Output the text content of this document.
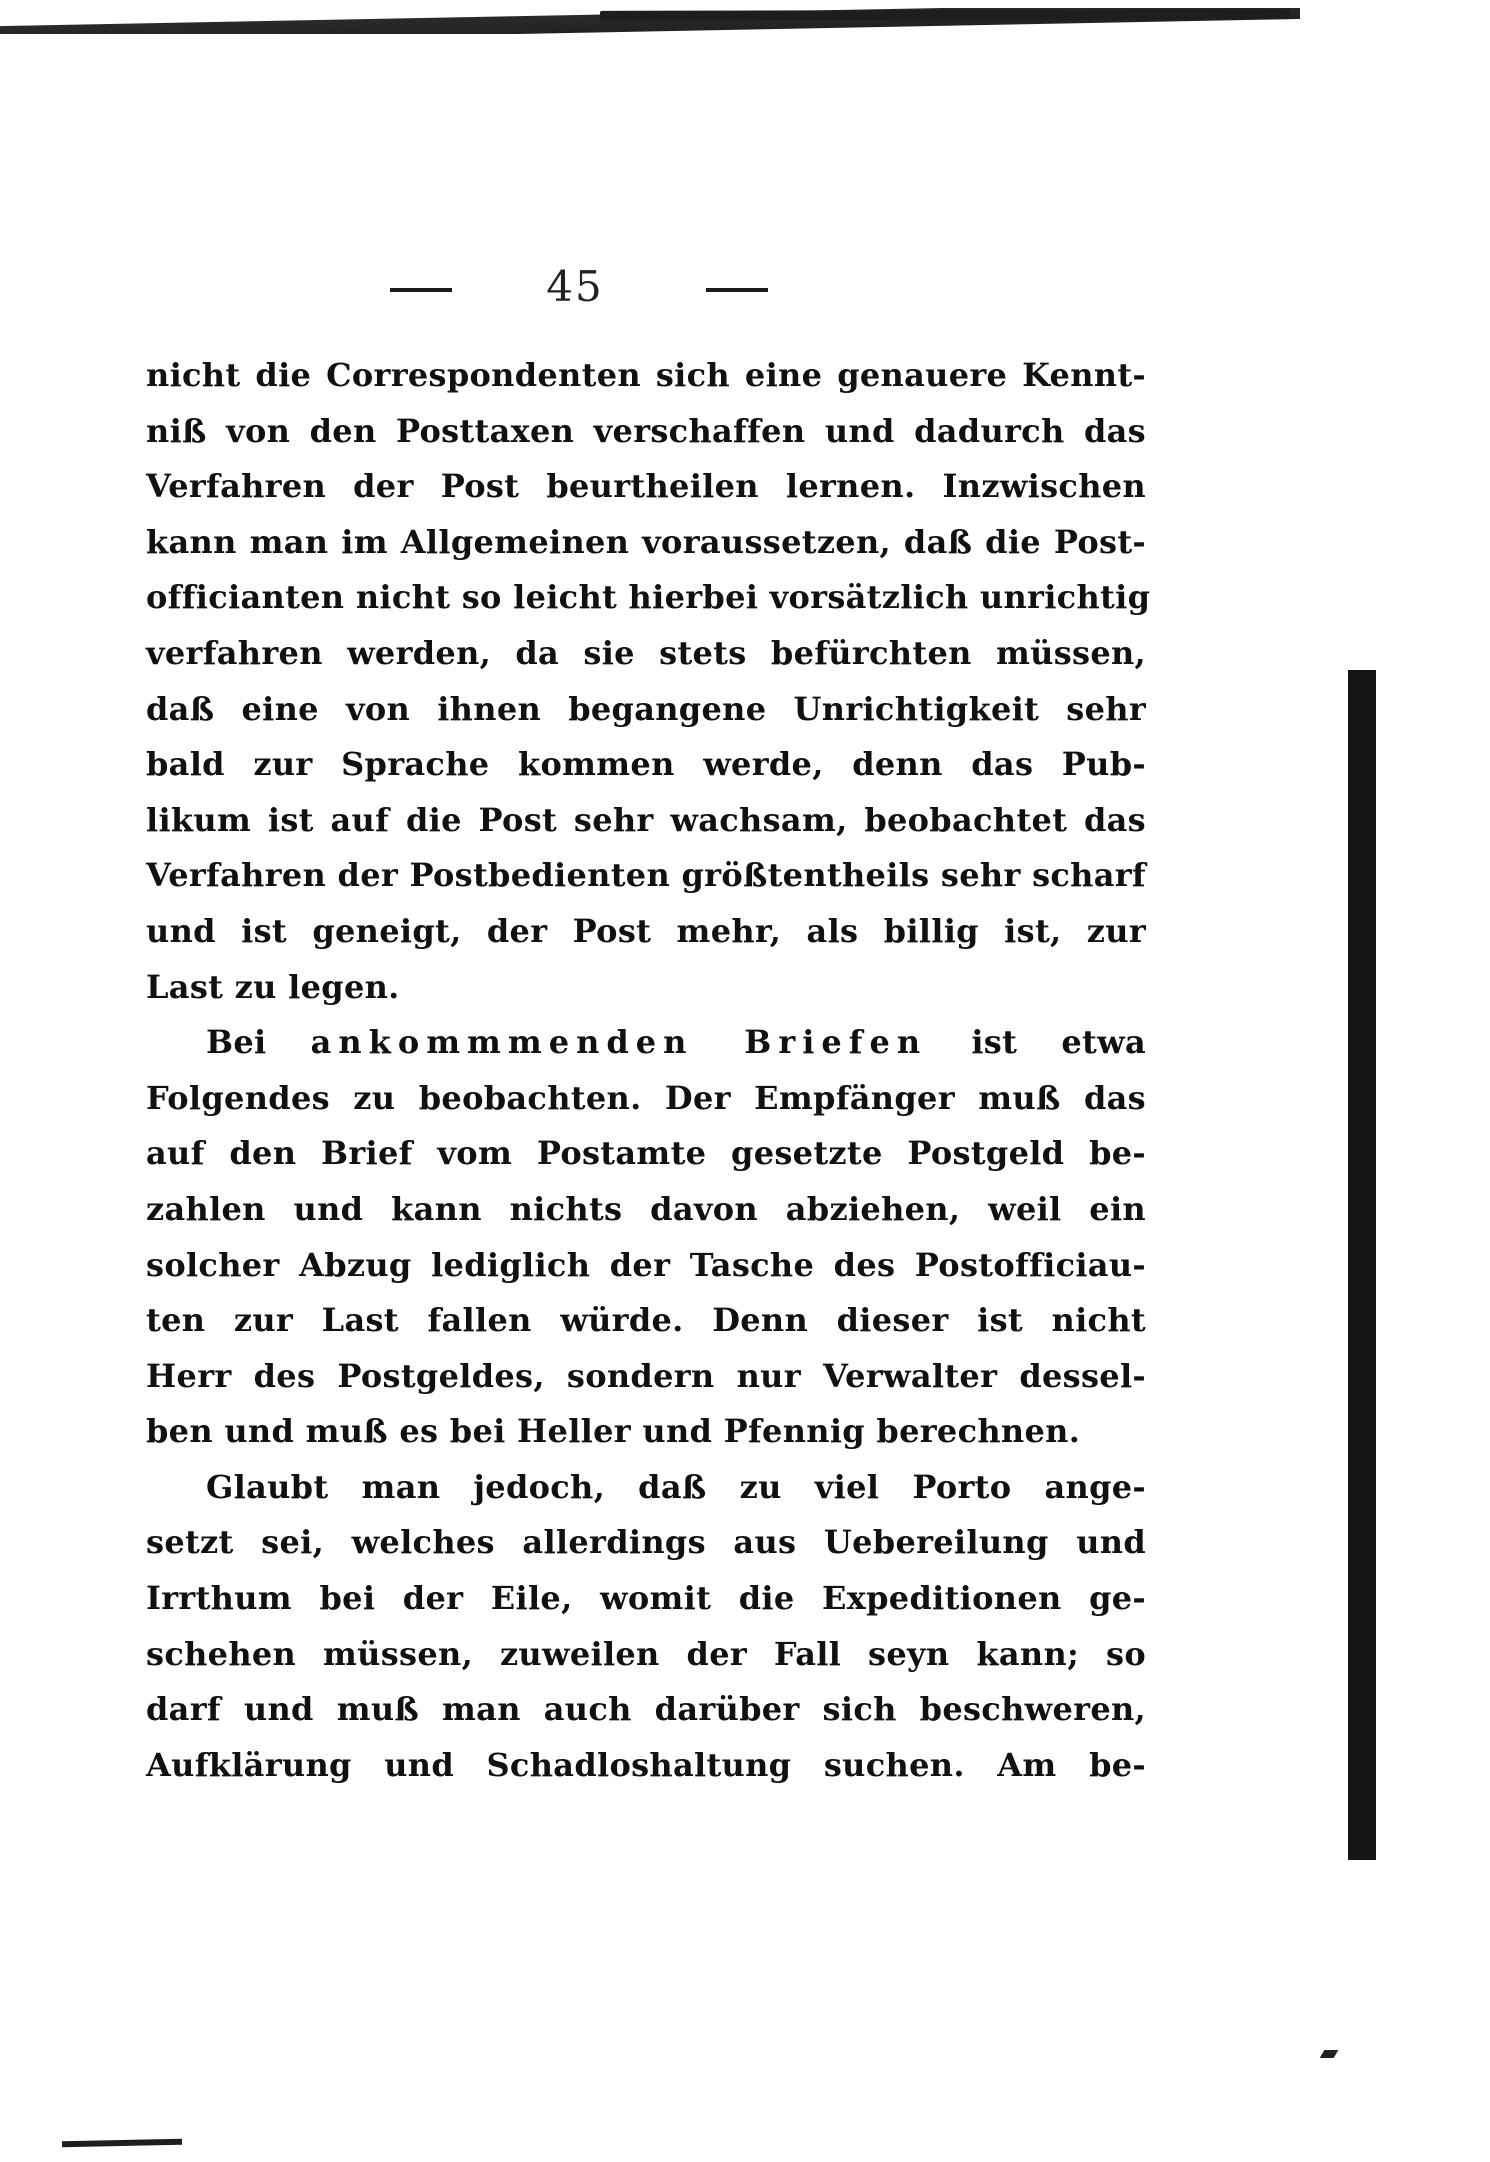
45
nicht die Correspondenten sich eine genauere Kennt-
niß von den Posttaxen verschaffen und dadurch das
Verfahren der Post beurtheilen lernen. Inzwischen
kann man im Allgemeinen voraussetzen, daß die Post-
officianten nicht so leicht hierbei vorsätzlich unrichtig
verfahren werden, da sie stets befürchten müssen,
daß eine von ihnen begangene Unrichtigkeit sehr
bald zur Sprache kommen werde, denn das Pub-
likum ist auf die Post sehr wachsam, beobachtet das
Verfahren der Postbedienten größtentheils sehr scharf
und ist geneigt, der Post mehr, als billig ist, zur
Last zu legen.
Bei ankommmenden Briefen ist etwa
Folgendes zu beobachten. Der Empfänger muß das
auf den Brief vom Postamte gesetzte Postgeld be-
zahlen und kann nichts davon abziehen, weil ein
solcher Abzug lediglich der Tasche des Postofficiau-
ten zur Last fallen würde. Denn dieser ist nicht
Herr des Postgeldes, sondern nur Verwalter dessel-
ben und muß es bei Heller und Pfennig berechnen.
Glaubt man jedoch, daß zu viel Porto ange-
setzt sei, welches allerdings aus Uebereilung und
Irrthum bei der Eile, womit die Expeditionen ge-
schehen müssen, zuweilen der Fall seyn kann; so
darf und muß man auch darüber sich beschweren,
Aufklärung und Schadloshaltung suchen. Am be-
